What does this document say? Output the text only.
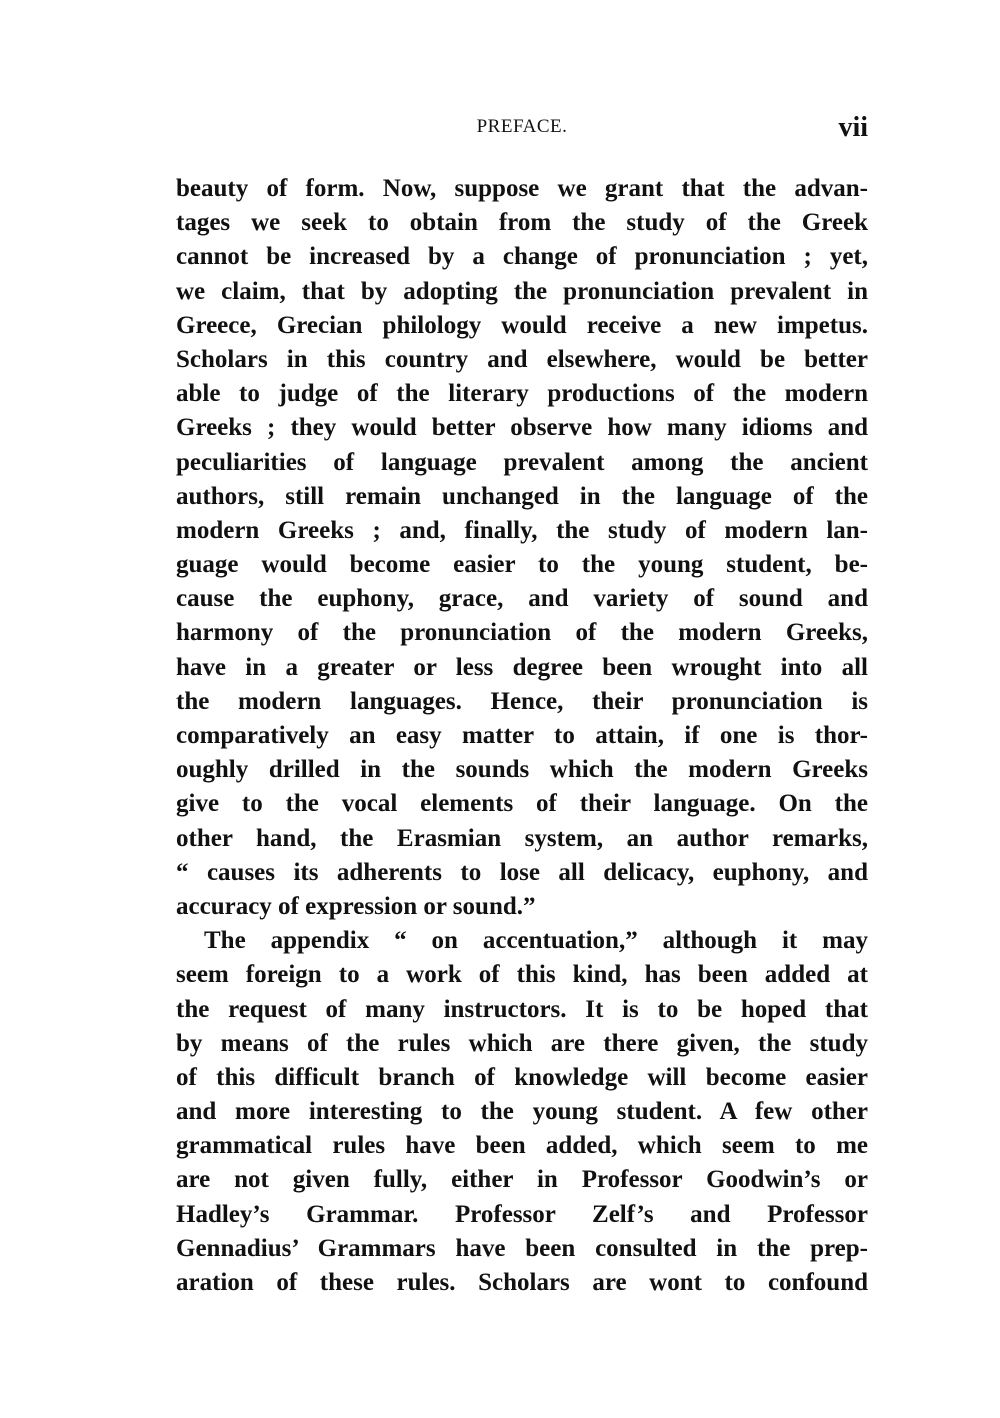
PREFACE.	vii
beauty of form. Now, suppose we grant that the advan-
tages we seek to obtain from the study of the Greek
cannot be increased by a change of pronunciation ; yet,
we claim, that by adopting the pronunciation prevalent in
Greece, Grecian philology would receive a new impetus.
Scholars in this country and elsewhere, would be better
able to judge of the literary productions of the modern
Greeks ; they would better observe how many idioms and
peculiarities of language prevalent among the ancient
authors, still remain unchanged in the language of the
modern Greeks ; and, finally, the study of modern lan-
guage would become easier to the young student, be-
cause the euphony, grace, and variety of sound and
harmony of the pronunciation of the modern Greeks,
have in a greater or less degree been wrought into all
the modern languages. Hence, their pronunciation is
comparatively an easy matter to attain, if one is thor-
oughly drilled in the sounds which the modern Greeks
give to the vocal elements of their language. On the
other hand, the Erasmian system, an author remarks,
“ causes its adherents to lose all delicacy, euphony, and
accuracy of expression or sound.”
The appendix “ on accentuation,” although it may
seem foreign to a work of this kind, has been added at
the request of many instructors. It is to be hoped that
by means of the rules which are there given, the study
of this difficult branch of knowledge will become easier
and more interesting to the young student. A few other
grammatical rules have been added, which seem to me
are not given fully, either in Professor Goodwin’s or
Hadley’s Grammar. Professor Zelf’s and Professor
Gennadius’ Grammars have been consulted in the prep-
aration of these rules. Scholars are wont to confound
